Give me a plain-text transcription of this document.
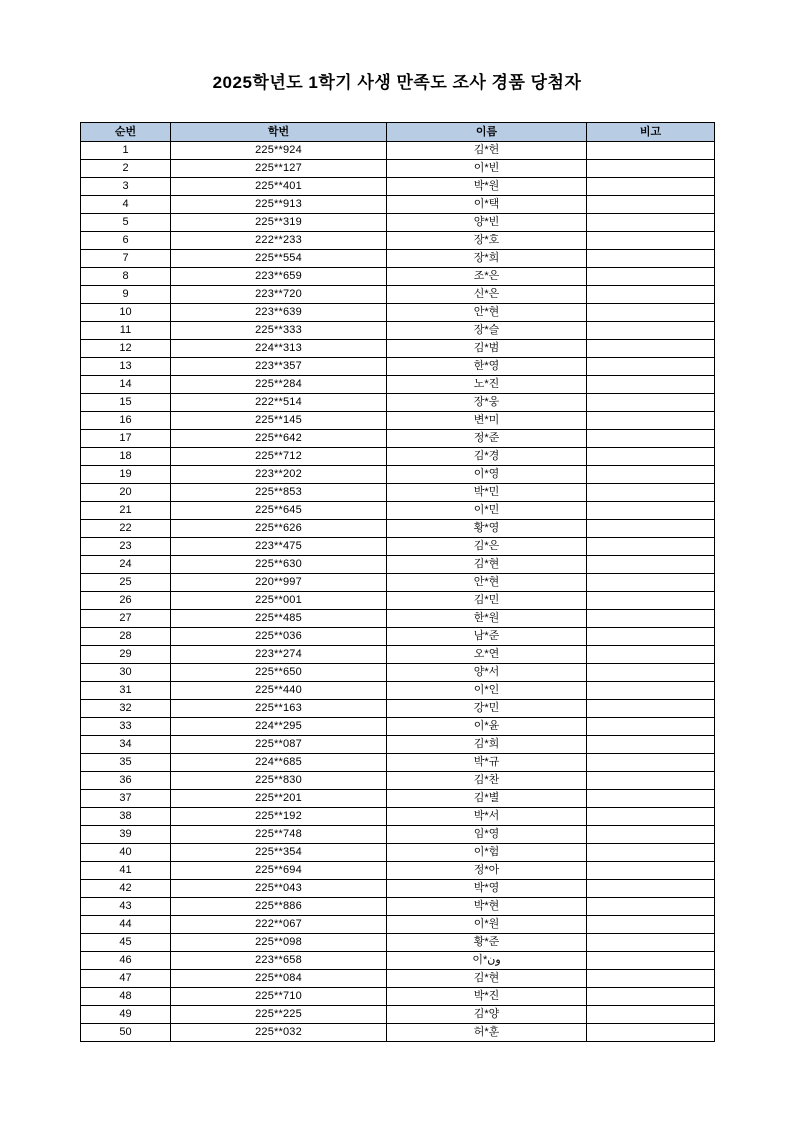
2025학년도 1학기 사생 만족도 조사 경품 당첨자
순번	학번	이름	비고
1	225**924	김*헌	
2	225**127	이*빈	
3	225**401	박*원	
4	225**913	이*택	
5	225**319	양*빈	
6	222**233	장*호	
7	225**554	장*희	
8	223**659	조*은	
9	223**720	신*은	
10	223**639	안*현	
11	225**333	장*슬	
12	224**313	김*범	
13	223**357	한*영	
14	225**284	노*진	
15	222**514	장*웅	
16	225**145	변*미	
17	225**642	정*준	
18	225**712	김*경	
19	223**202	이*영	
20	225**853	박*민	
21	225**645	이*민	
22	225**626	황*영	
23	223**475	김*은	
24	225**630	김*현	
25	220**997	안*현	
26	225**001	김*민	
27	225**485	한*원	
28	225**036	남*준	
29	223**274	오*연	
30	225**650	양*서	
31	225**440	이*인	
32	225**163	강*민	
33	224**295	이*윤	
34	225**087	김*희	
35	224**685	박*규	
36	225**830	김*찬	
37	225**201	김*별	
38	225**192	박*서	
39	225**748	임*영	
40	225**354	이*험	
41	225**694	정*아	
42	225**043	박*영	
43	225**886	박*현	
44	222**067	이*원	
45	225**098	황*준	
46	223**658	이*ون	
47	225**084	김*현	
48	225**710	박*진	
49	225**225	김*양	
50	225**032	허*훈	
